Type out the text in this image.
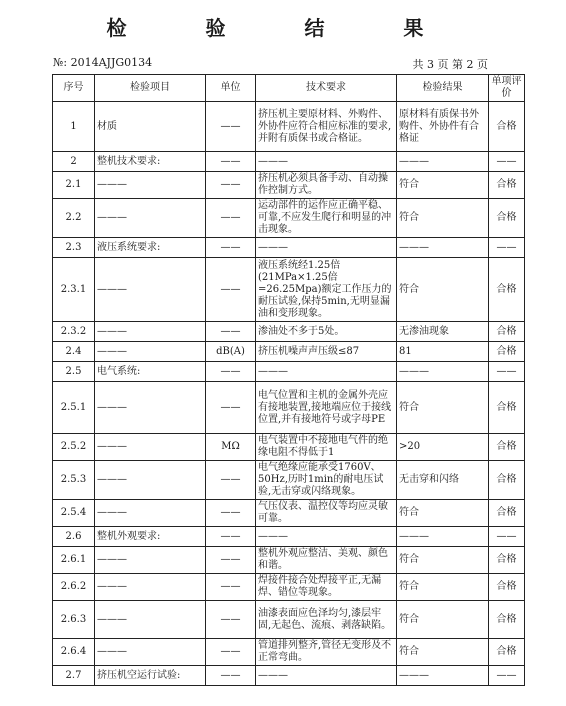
检 验 结 果
№: 2014AJJG0134	共 3 页 第 2 页
序号	检验项目	单位	技术要求	检验结果	单项评价
1	材质	——	挤压机主要原材料、外购件、外协件应符合相应标准的要求,并附有质保书或合格证。	原材料有质保书外购件、外协件有合格证	合格
2	整机技术要求:	——	———	———	——
2.1	———	——	挤压机必须具备手动、自动操作控制方式。	符合	合格
2.2	———	——	运动部件的运作应正确平稳、可靠,不应发生爬行和明显的冲击现象。	符合	合格
2.3	液压系统要求:	——	———	———	——
2.3.1	———	——	液压系统经1.25倍(21MPa×1.25倍=26.25Mpa)额定工作压力的耐压试验,保持5min,无明显漏油和变形现象。	符合	合格
2.3.2	———	——	渗油处不多于5处。	无渗油现象	合格
2.4	———	dB(A)	挤压机噪声声压级≤87	81	合格
2.5	电气系统:	——	———	———	——
2.5.1	———	——	电气位置和主机的金属外壳应有接地装置,接地端应位于接线位置,并有接地符号或字母PE	符合	合格
2.5.2	———	MΩ	电气装置中不接地电气件的绝缘电阻不得低于1	>20	合格
2.5.3	———	——	电气绝缘应能承受1760V、50Hz,历时1min的耐电压试验,无击穿或闪络现象。	无击穿和闪络	合格
2.5.4	———	——	气压仪表、温控仪等均应灵敏可靠。	符合	合格
2.6	整机外观要求:	——	———	———	——
2.6.1	———	——	整机外观应整洁、美观、颜色和谐。	符合	合格
2.6.2	———	——	焊接件接合处焊接平正,无漏焊、错位等现象。	符合	合格
2.6.3	———	——	油漆表面应色泽均匀,漆层牢固,无起色、流痕、剥落缺陷。	符合	合格
2.6.4	———	——	管道排列整齐,管径无变形及不正常弯曲。	符合	合格
2.7	挤压机空运行试验:	——	———	———	——
